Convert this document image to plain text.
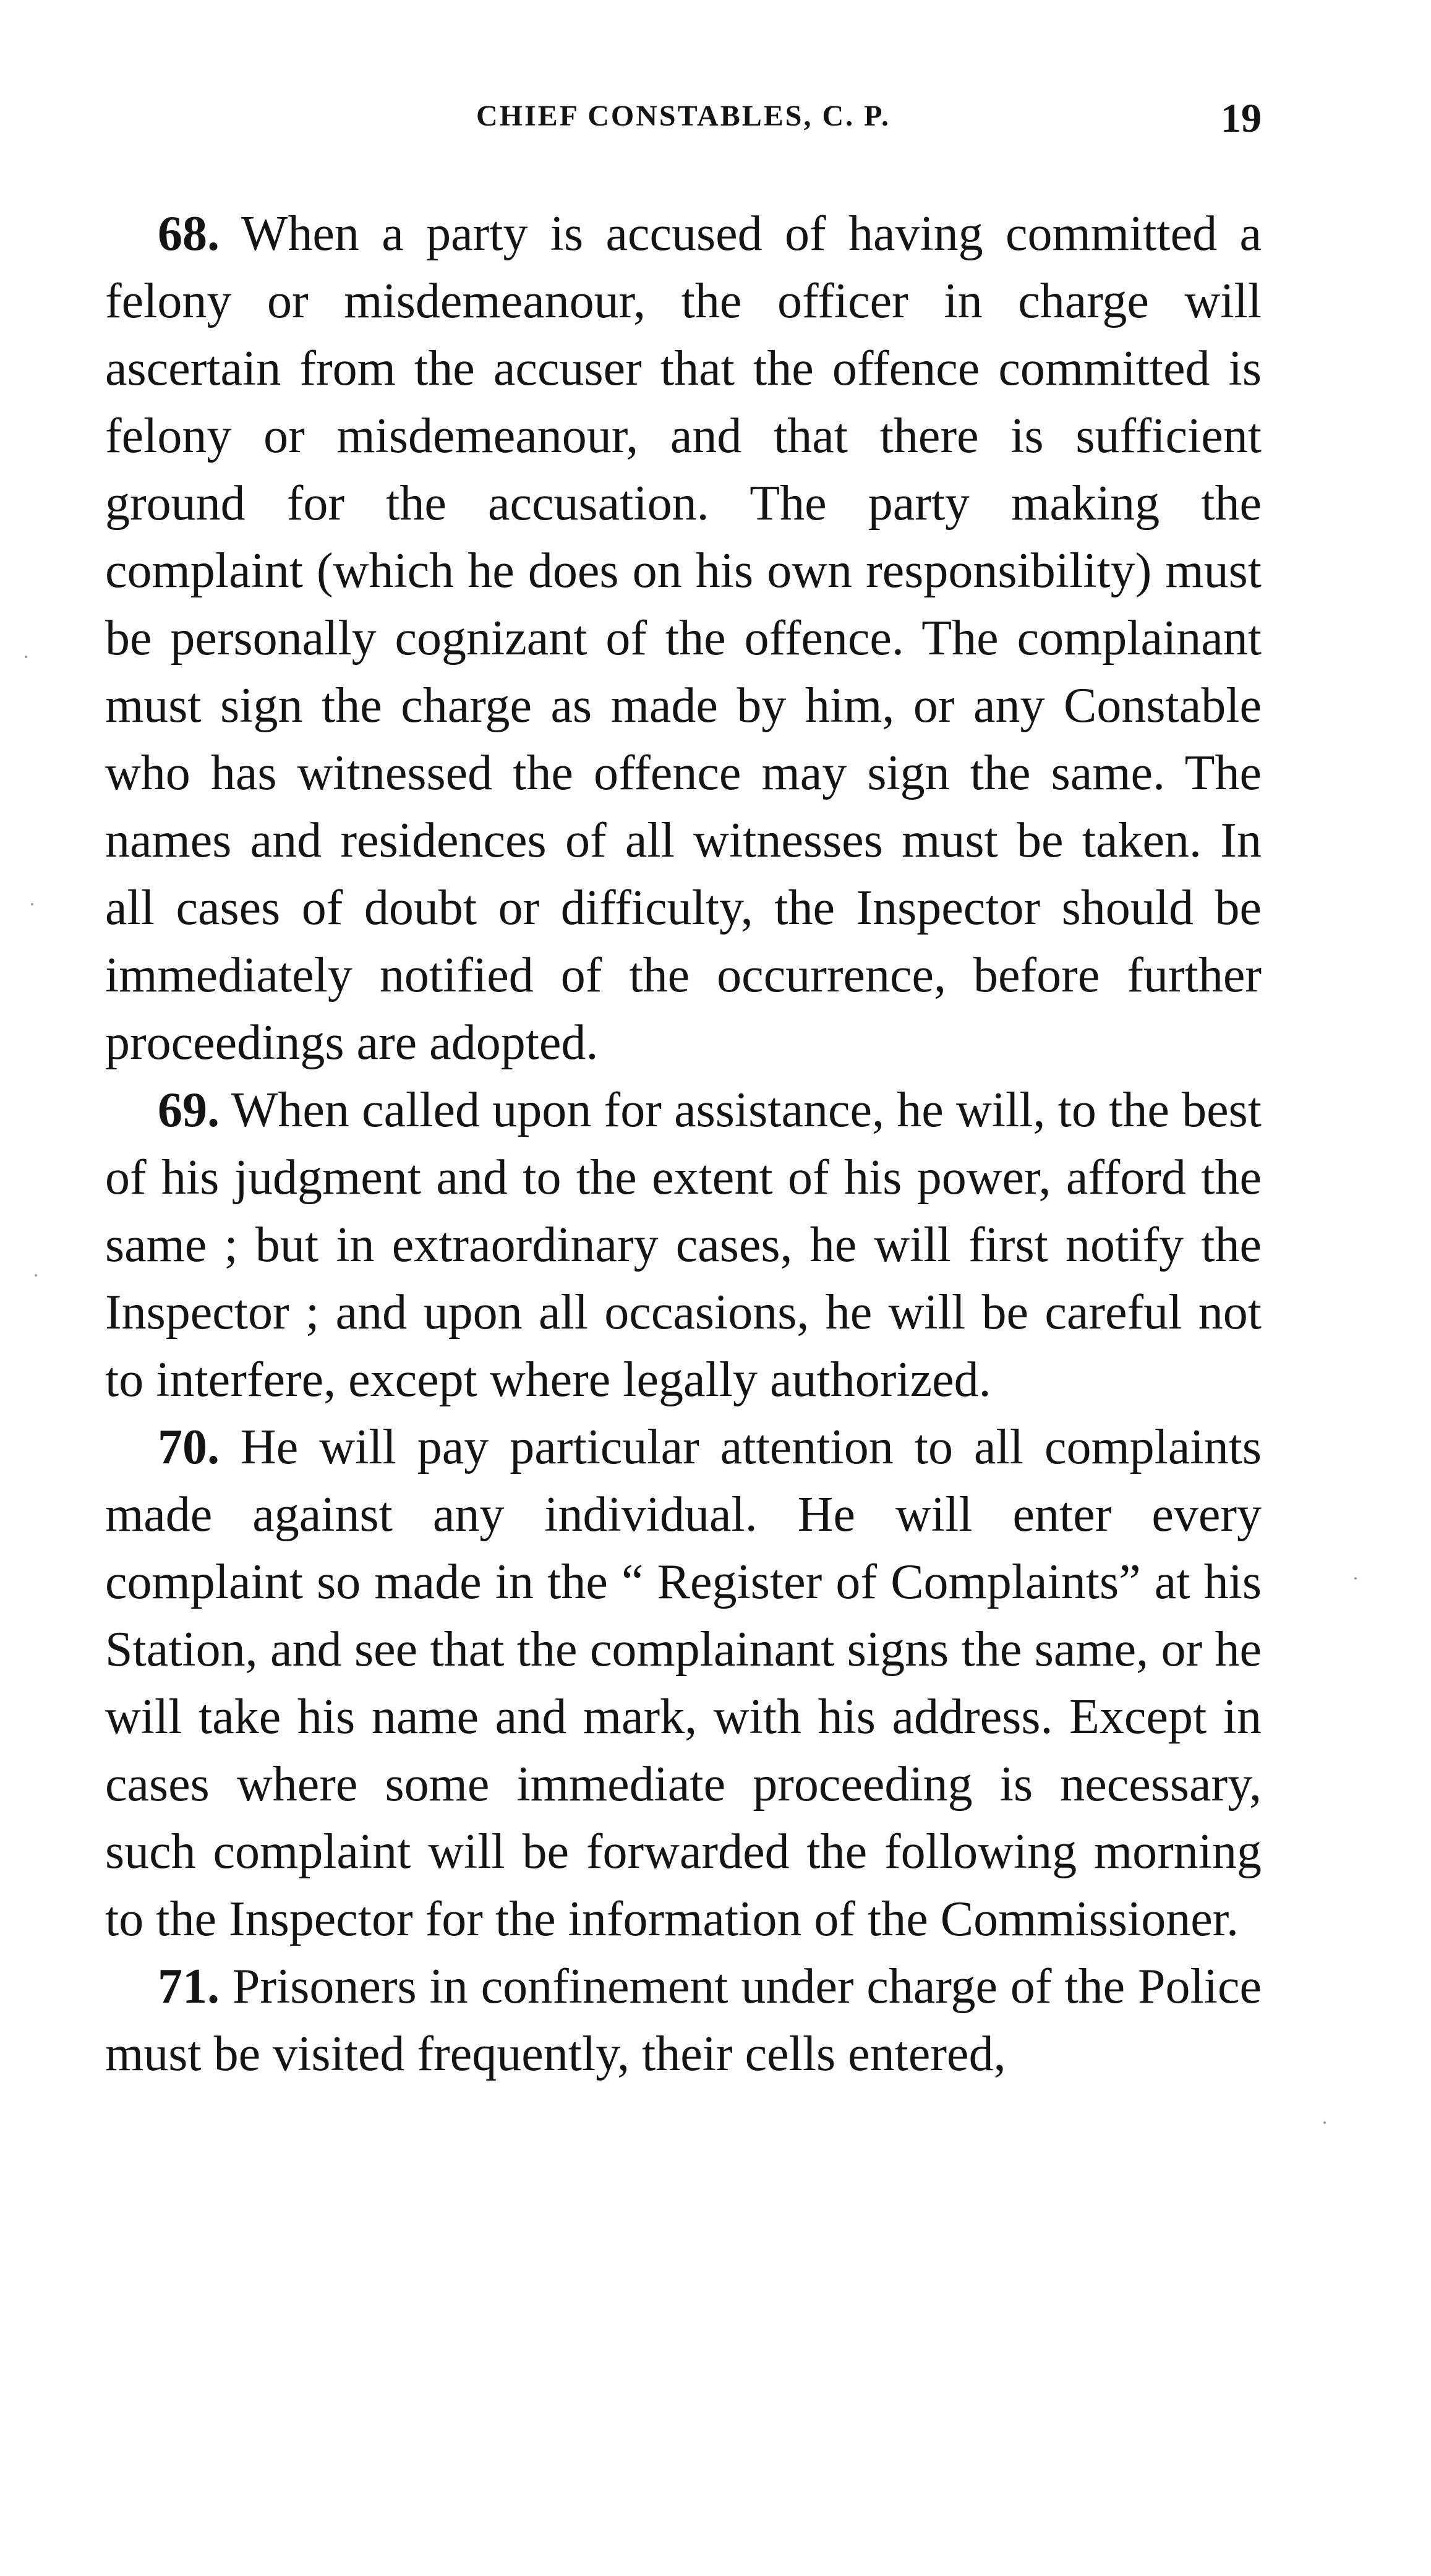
CHIEF CONSTABLES, C. P.	19

68. When a party is accused of having committed a felony or misdemeanour, the officer in charge will ascertain from the accuser that the offence committed is felony or misdemeanour, and that there is sufficient ground for the accusation. The party making the complaint (which he does on his own responsibility) must be personally cognizant of the offence. The complainant must sign the charge as made by him, or any Constable who has witnessed the offence may sign the same. The names and residences of all witnesses must be taken. In all cases of doubt or difficulty, the Inspector should be immediately notified of the occurrence, before further proceedings are adopted.

69. When called upon for assistance, he will, to the best of his judgment and to the extent of his power, afford the same ; but in extraordinary cases, he will first notify the Inspector ; and upon all occasions, he will be careful not to interfere, except where legally authorized.

70. He will pay particular attention to all complaints made against any individual. He will enter every complaint so made in the “ Register of Complaints” at his Station, and see that the complainant signs the same, or he will take his name and mark, with his address. Except in cases where some immediate proceeding is necessary, such complaint will be forwarded the following morning to the Inspector for the information of the Commissioner.

71. Prisoners in confinement under charge of the Police must be visited frequently, their cells entered,
